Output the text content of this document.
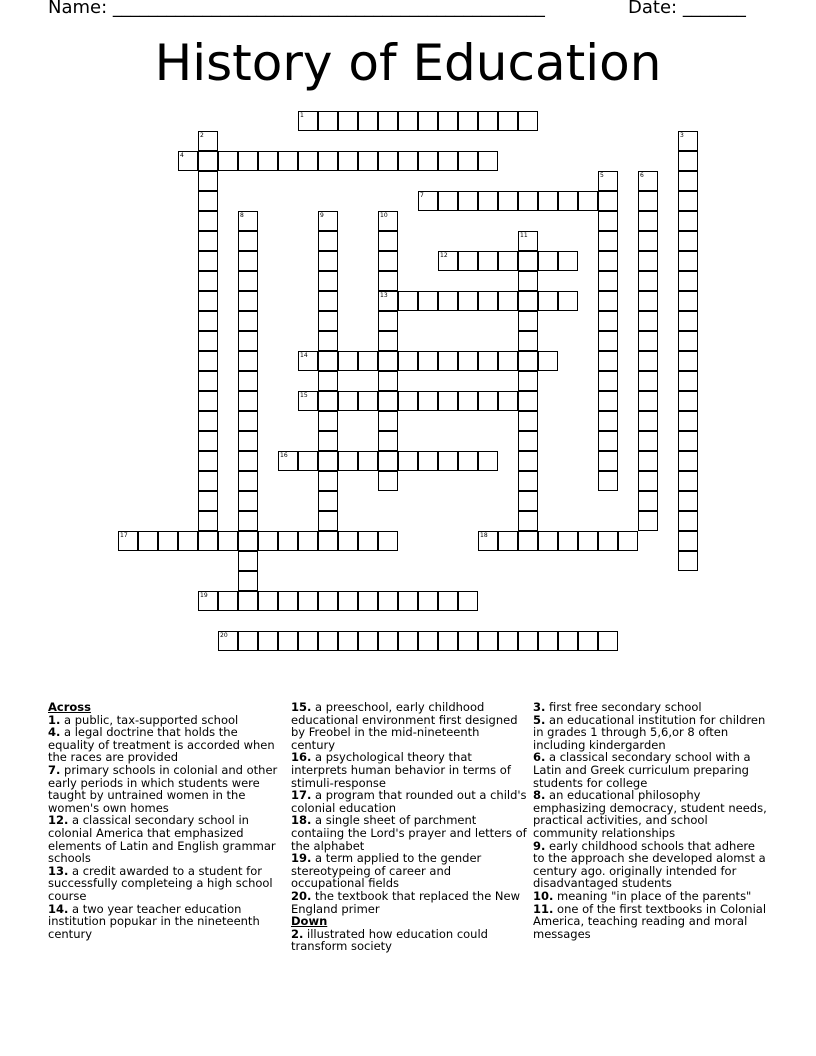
Name: ________________________________________________	Date: _______
History of Education
1
2	3
4
5	6
7
8	9	10
11
12
13
14
15
16
17	18
19
20
Across
1. a public, tax-supported school
4. a legal doctrine that holds the equality of treatment is accorded when the races are provided
7. primary schools in colonial and other early periods in which students were taught by untrained women in the women's own homes
12. a classical secondary school in colonial America that emphasized elements of Latin and English grammar schools
13. a credit awarded to a student for successfully completeing a high school course
14. a two year teacher education institution popukar in the nineteenth century
15. a preeschool, early childhood educational environment first designed by Freobel in the mid-nineteenth century
16. a psychological theory that interprets human behavior in terms of stimuli-response
17. a program that rounded out a child's colonial education
18. a single sheet of parchment contaiing the Lord's prayer and letters of the alphabet
19. a term applied to the gender stereotypeing of career and occupational fields
20. the textbook that replaced the New England primer
Down
2. illustrated how education could transform society
3. first free secondary school
5. an educational institution for children in grades 1 through 5,6,or 8 often including kindergarden
6. a classical secondary school with a Latin and Greek curriculum preparing students for college
8. an educational philosophy emphasizing democracy, student needs, practical activities, and school community relationships
9. early childhood schools that adhere to the approach she developed alomst a century ago. originally intended for disadvantaged students
10. meaning "in place of the parents"
11. one of the first textbooks in Colonial America, teaching reading and moral messages
